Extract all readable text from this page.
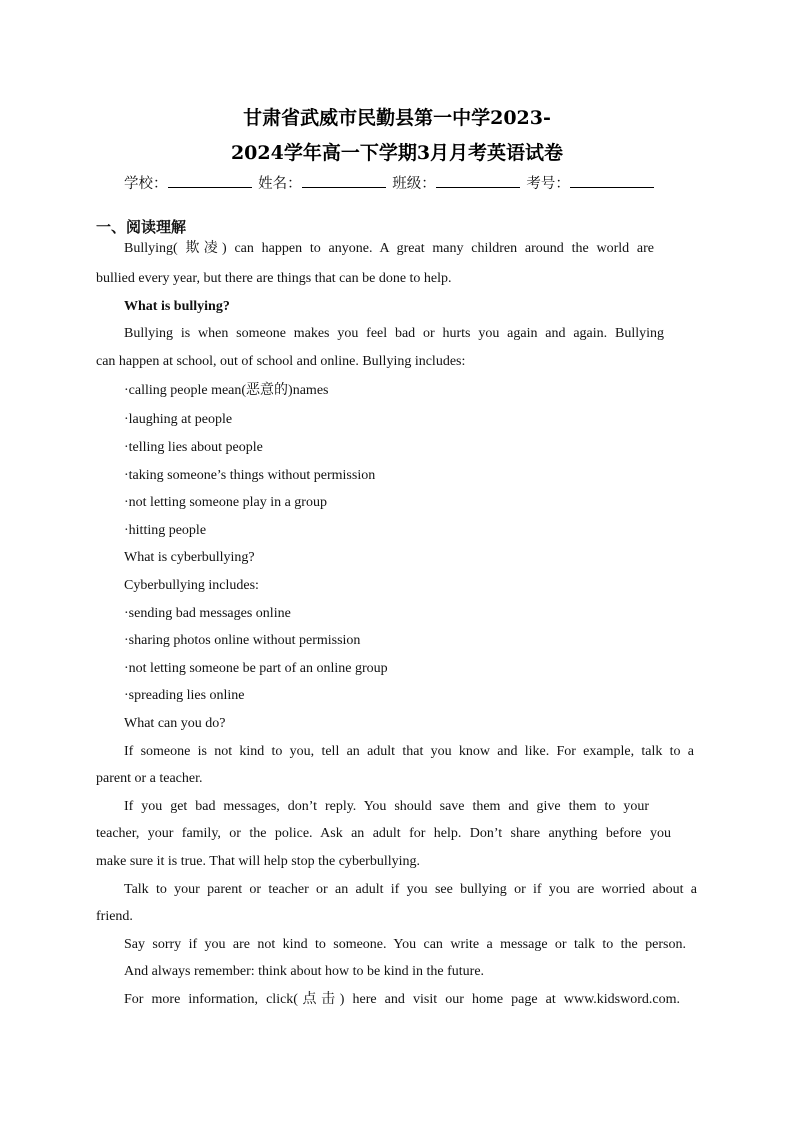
甘肃省武威市民勤县第一中学2023-
2024学年高一下学期3月月考英语试卷
学校：	姓名：	班级：	考号：
一、阅读理解
Bullying( 欺凌) can happen to anyone. A great many children around the world are
bullied every year, but there are things that can be done to help.
What is bullying?
Bullying is when someone makes you feel bad or hurts you again and again. Bullying
can happen at school, out of school and online. Bullying includes:
·calling people mean(恶意的)names
·laughing at people
·telling lies about people
·taking someone’s things without permission
·not letting someone play in a group
·hitting people
What is cyberbullying?
Cyberbullying includes:
·sending bad messages online
·sharing photos online without permission
·not letting someone be part of an online group
·spreading lies online
What can you do?
If someone is not kind to you, tell an adult that you know and like. For example, talk to a
parent or a teacher.
If you get bad messages, don’t reply. You should save them and give them to your
teacher, your family, or the police. Ask an adult for help. Don’t share anything before you
make sure it is true. That will help stop the cyberbullying.
Talk to your parent or teacher or an adult if you see bullying or if you are worried about a
friend.
Say sorry if you are not kind to someone. You can write a message or talk to the person.
And always remember: think about how to be kind in the future.
For more information, click(点击) here and visit our home page at www.kidsword.com.
